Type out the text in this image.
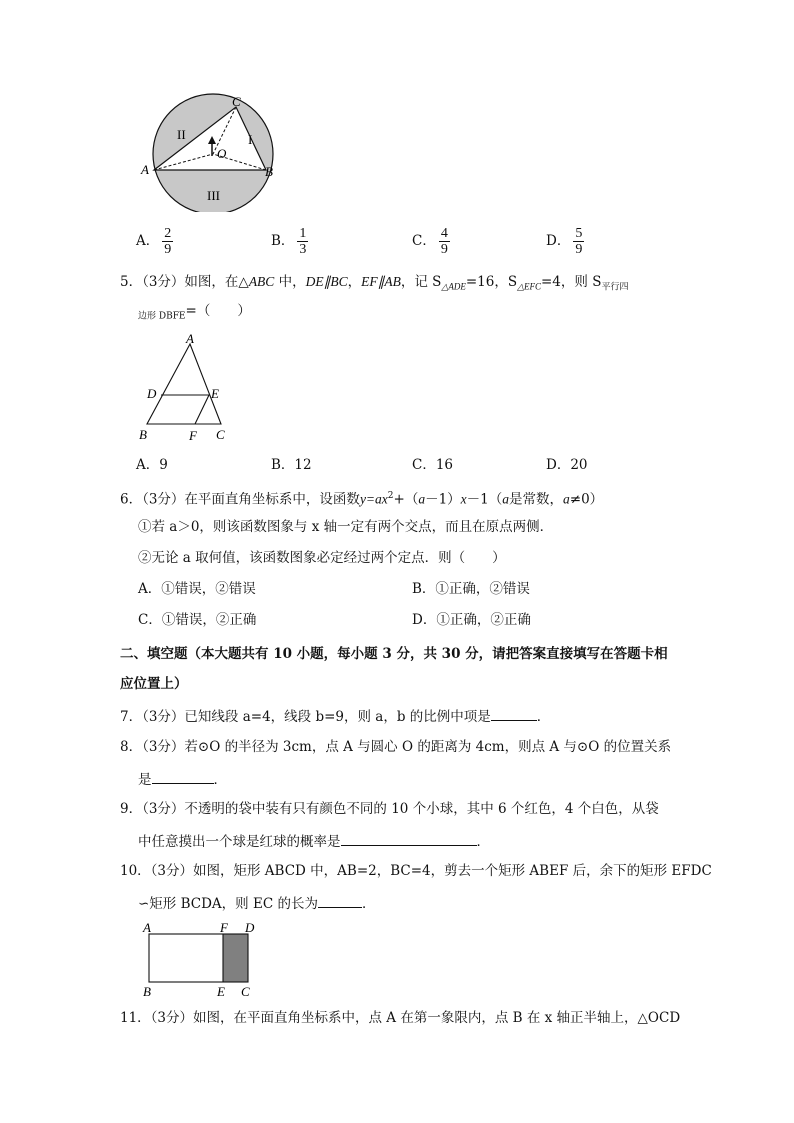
C
A	B
O
I
II
III
A． $\frac{2}{9}$	B． $\frac{1}{3}$	C． $\frac{4}{9}$	D． $\frac{5}{9}$
5．（3分）如图，在△ABC 中，DE∥BC，EF∥AB，记 $S_{\triangle ADE}=16$，$S_{\triangle EFC}=4$，则 $S_{平行四}$
$_{边形 DBFE}$=（　　）
A
D	E
B	F C
A．9	B．12	C．16	D．20
6．（3分）在平面直角坐标系中，设函数$y=ax^2+(a-1)x-1(a$是常数，a≠0）
①若 a＞0，则该函数图象与 x 轴一定有两个交点，而且在原点两侧．
②无论 a 取何值，该函数图象必定经过两个定点．则（　　）
A．①错误，②错误	B．①正确，②错误
C．①错误，②正确	D．①正确，②正确
二、填空题（本大题共有 10 小题，每小题 3 分，共 30 分，请把答案直接填写在答题卡相
应位置上）
7．（3分）已知线段 a=4，线段 b=9，则 a，b 的比例中项是	．
8．（3分）若⊙O 的半径为 3cm，点 A 与圆心 O 的距离为 4cm，则点 A 与⊙O 的位置关系
是	．
9．（3分）不透明的袋中装有只有颜色不同的 10 个小球，其中 6 个红色，4 个白色，从袋
中任意摸出一个球是红球的概率是	．
10．（3分）如图，矩形 ABCD 中，AB=2，BC=4，剪去一个矩形 ABEF 后，余下的矩形 EFDC
∽矩形 BCDA，则 EC 的长为	．
A	F D
B	E C
11．（3分）如图，在平面直角坐标系中，点 A 在第一象限内，点 B 在 x 轴正半轴上，△OCD
